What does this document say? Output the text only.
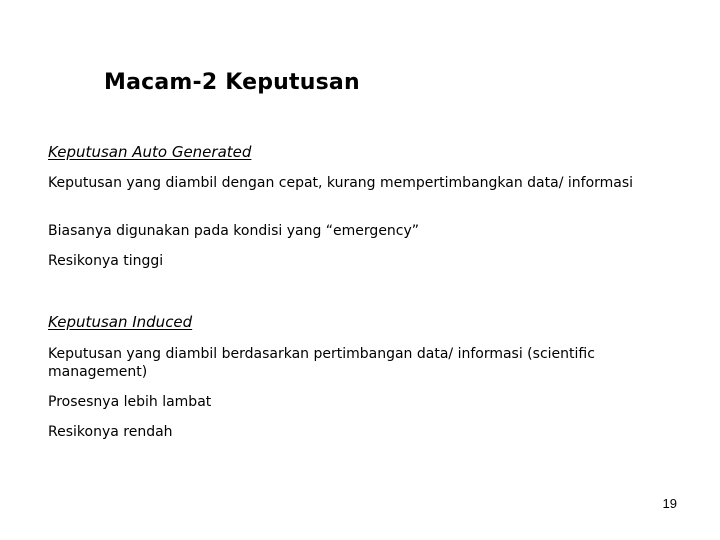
Macam-2 Keputusan
Keputusan Auto Generated
Keputusan yang diambil dengan cepat, kurang mempertimbangkan data/ informasi
Biasanya digunakan pada kondisi yang “emergency”
Resikonya tinggi
Keputusan Induced
Keputusan yang diambil berdasarkan pertimbangan data/ informasi (scientific management)
Prosesnya lebih lambat
Resikonya rendah
19
